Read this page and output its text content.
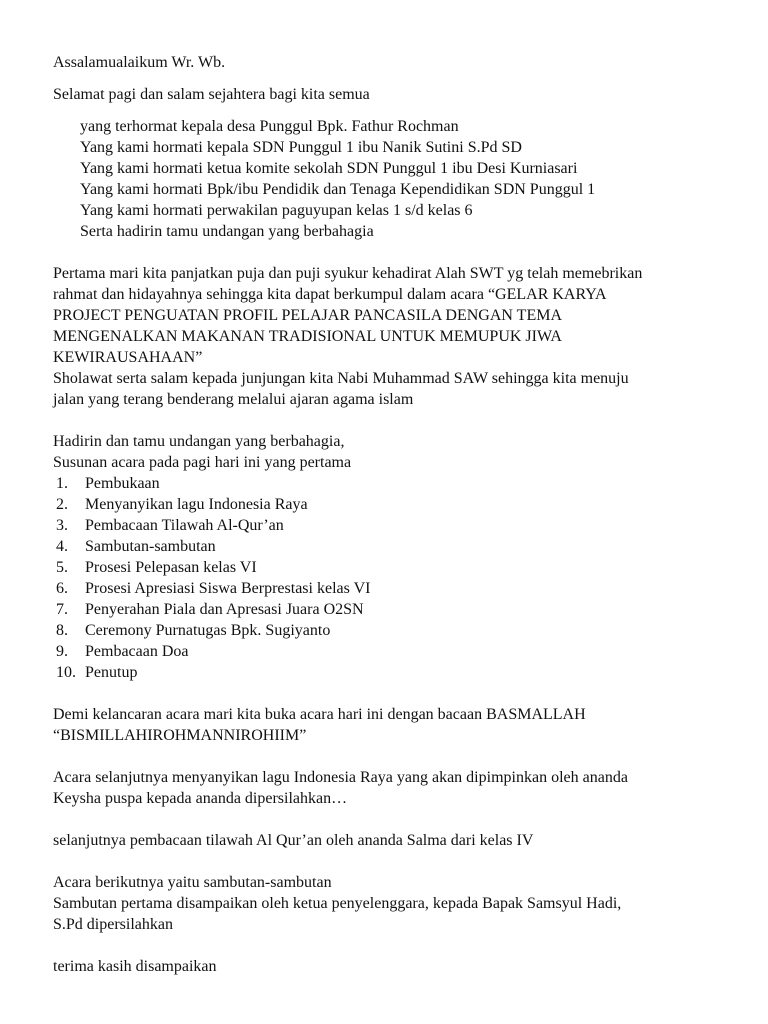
Assalamualaikum Wr. Wb.
Selamat pagi dan salam sejahtera bagi kita semua
yang terhormat kepala desa Punggul Bpk. Fathur Rochman
Yang kami hormati kepala SDN Punggul 1 ibu Nanik Sutini S.Pd SD
Yang kami hormati ketua komite sekolah SDN Punggul 1 ibu Desi Kurniasari
Yang kami hormati Bpk/ibu Pendidik dan Tenaga Kependidikan SDN Punggul 1
Yang kami hormati perwakilan paguyupan kelas 1 s/d kelas 6
Serta hadirin tamu undangan yang berbahagia
Pertama mari kita panjatkan puja dan puji syukur kehadirat Alah SWT yg telah memebrikan
rahmat dan hidayahnya sehingga kita dapat berkumpul dalam acara “GELAR KARYA
PROJECT PENGUATAN PROFIL PELAJAR PANCASILA DENGAN TEMA
MENGENALKAN MAKANAN TRADISIONAL UNTUK MEMUPUK JIWA
KEWIRAUSAHAAN”
Sholawat serta salam kepada junjungan kita Nabi Muhammad SAW sehingga kita menuju
jalan yang terang benderang melalui ajaran agama islam
Hadirin dan tamu undangan yang berbahagia,
Susunan acara pada pagi hari ini yang pertama
1. Pembukaan
2. Menyanyikan lagu Indonesia Raya
3. Pembacaan Tilawah Al-Qur’an
4. Sambutan-sambutan
5. Prosesi Pelepasan kelas VI
6. Prosesi Apresiasi Siswa Berprestasi kelas VI
7. Penyerahan Piala dan Apresasi Juara O2SN
8. Ceremony Purnatugas Bpk. Sugiyanto
9. Pembacaan Doa
10. Penutup
Demi kelancaran acara mari kita buka acara hari ini dengan bacaan BASMALLAH
“BISMILLAHIROHMANNIROHIIM”
Acara selanjutnya menyanyikan lagu Indonesia Raya yang akan dipimpinkan oleh ananda
Keysha puspa kepada ananda dipersilahkan…
selanjutnya pembacaan tilawah Al Qur’an oleh ananda Salma dari kelas IV
Acara berikutnya yaitu sambutan-sambutan
Sambutan pertama disampaikan oleh ketua penyelenggara, kepada Bapak Samsyul Hadi,
S.Pd dipersilahkan
terima kasih disampaikan
